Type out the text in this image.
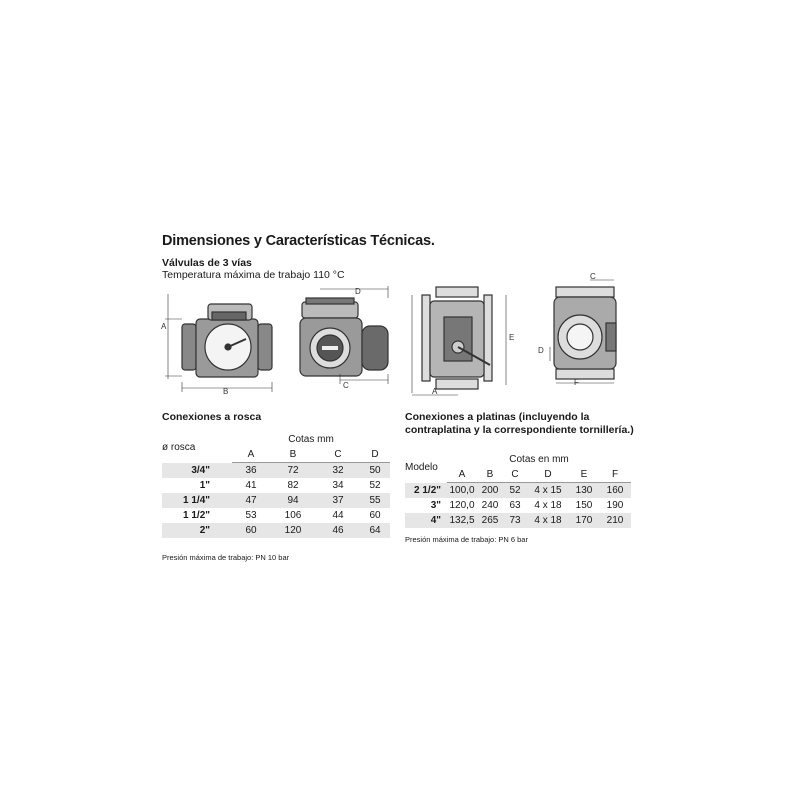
Dimensiones y Características Técnicas.
Válvulas de 3 vías
Temperatura máxima de trabajo 110 °C
A
B
D
C
A
E
C
D
F
Conexiones a rosca
ø rosca	Cotas mm			
	A	B	C	D
3/4"	36	72	32	50
1"	41	82	34	52
1 1/4"	47	94	37	55
1 1/2"	53	106	44	60
2"	60	120	46	64
Presión máxima de trabajo: PN 10 bar
Conexiones a platinas (incluyendo la
contraplatina y la correspondiente tornillería.)
Modelo	Cotas en mm					
	A	B	C	D	E	F
2 1/2"	100,0	200	52	4 x 15	130	160
3"	120,0	240	63	4 x 18	150	190
4"	132,5	265	73	4 x 18	170	210
Presión máxima de trabajo: PN 6 bar
